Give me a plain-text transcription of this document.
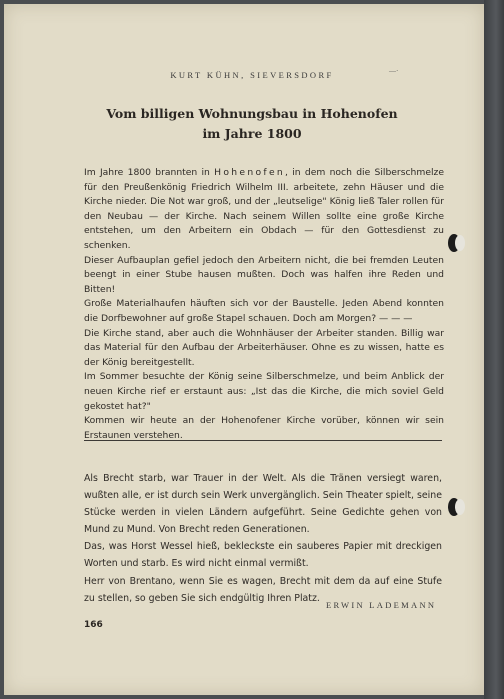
KURT KÜHN, SIEVERSDORF	—·
Vom billigen Wohnungsbau in Hohenofen
im Jahre 1800

Im Jahre 1800 brannten in Hohenofen, in dem noch die Silberschmelze für den Preußenkönig Friedrich Wilhelm III. arbeitete, zehn Häuser und die Kirche nieder. Die Not war groß, und der „leutselige" König ließ Taler rollen für den Neubau — der Kirche. Nach seinem Willen sollte eine große Kirche entstehen, um den Arbeitern ein Obdach — für den Gottesdienst zu schenken.

Dieser Aufbauplan gefiel jedoch den Arbeitern nicht, die bei fremden Leuten beengt in einer Stube hausen mußten. Doch was halfen ihre Reden und Bitten!

Große Materialhaufen häuften sich vor der Baustelle. Jeden Abend konnten die Dorfbewohner auf große Stapel schauen. Doch am Morgen? — — —

Die Kirche stand, aber auch die Wohnhäuser der Arbeiter standen. Billig war das Material für den Aufbau der Arbeiterhäuser. Ohne es zu wissen, hatte es der König bereitgestellt.

Im Sommer besuchte der König seine Silberschmelze, und beim Anblick der neuen Kirche rief er erstaunt aus: „Ist das die Kirche, die mich soviel Geld gekostet hat?"

Kommen wir heute an der Hohenofener Kirche vorüber, können wir sein Erstaunen verstehen.

Als Brecht starb, war Trauer in der Welt. Als die Tränen versiegt waren, wußten alle, er ist durch sein Werk unvergänglich. Sein Theater spielt, seine Stücke werden in vielen Ländern aufgeführt. Seine Gedichte gehen von Mund zu Mund. Von Brecht reden Generationen.

Das, was Horst Wessel hieß, bekleckste ein sauberes Papier mit dreckigen Worten und starb. Es wird nicht einmal vermißt.

Herr von Brentano, wenn Sie es wagen, Brecht mit dem da auf eine Stufe zu stellen, so geben Sie sich endgültig Ihren Platz.

ERWIN LADEMANN
166
